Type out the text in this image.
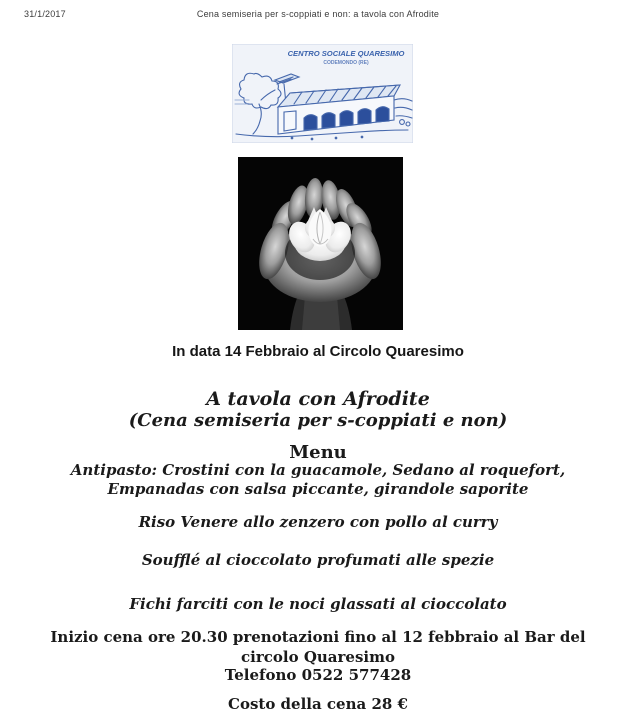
31/1/2017	Cena semiseria per s-coppiati e non: a tavola con Afrodite
CENTRO SOCIALE QUARESIMO
CODEMONDO (RE)
In data 14 Febbraio al Circolo Quaresimo
A tavola con Afrodite
(Cena semiseria per s-coppiati e non)
Menu
Antipasto: Crostini con la guacamole, Sedano al roquefort, Empanadas con salsa piccante, girandole saporite
Riso Venere allo zenzero con pollo al curry
Soufflé al cioccolato profumati alle spezie
Fichi farciti con le noci glassati al cioccolato
Inizio cena ore 20.30 prenotazioni fino al 12 febbraio al Bar del circolo Quaresimo
Telefono 0522 577428
Costo della cena 28 €
